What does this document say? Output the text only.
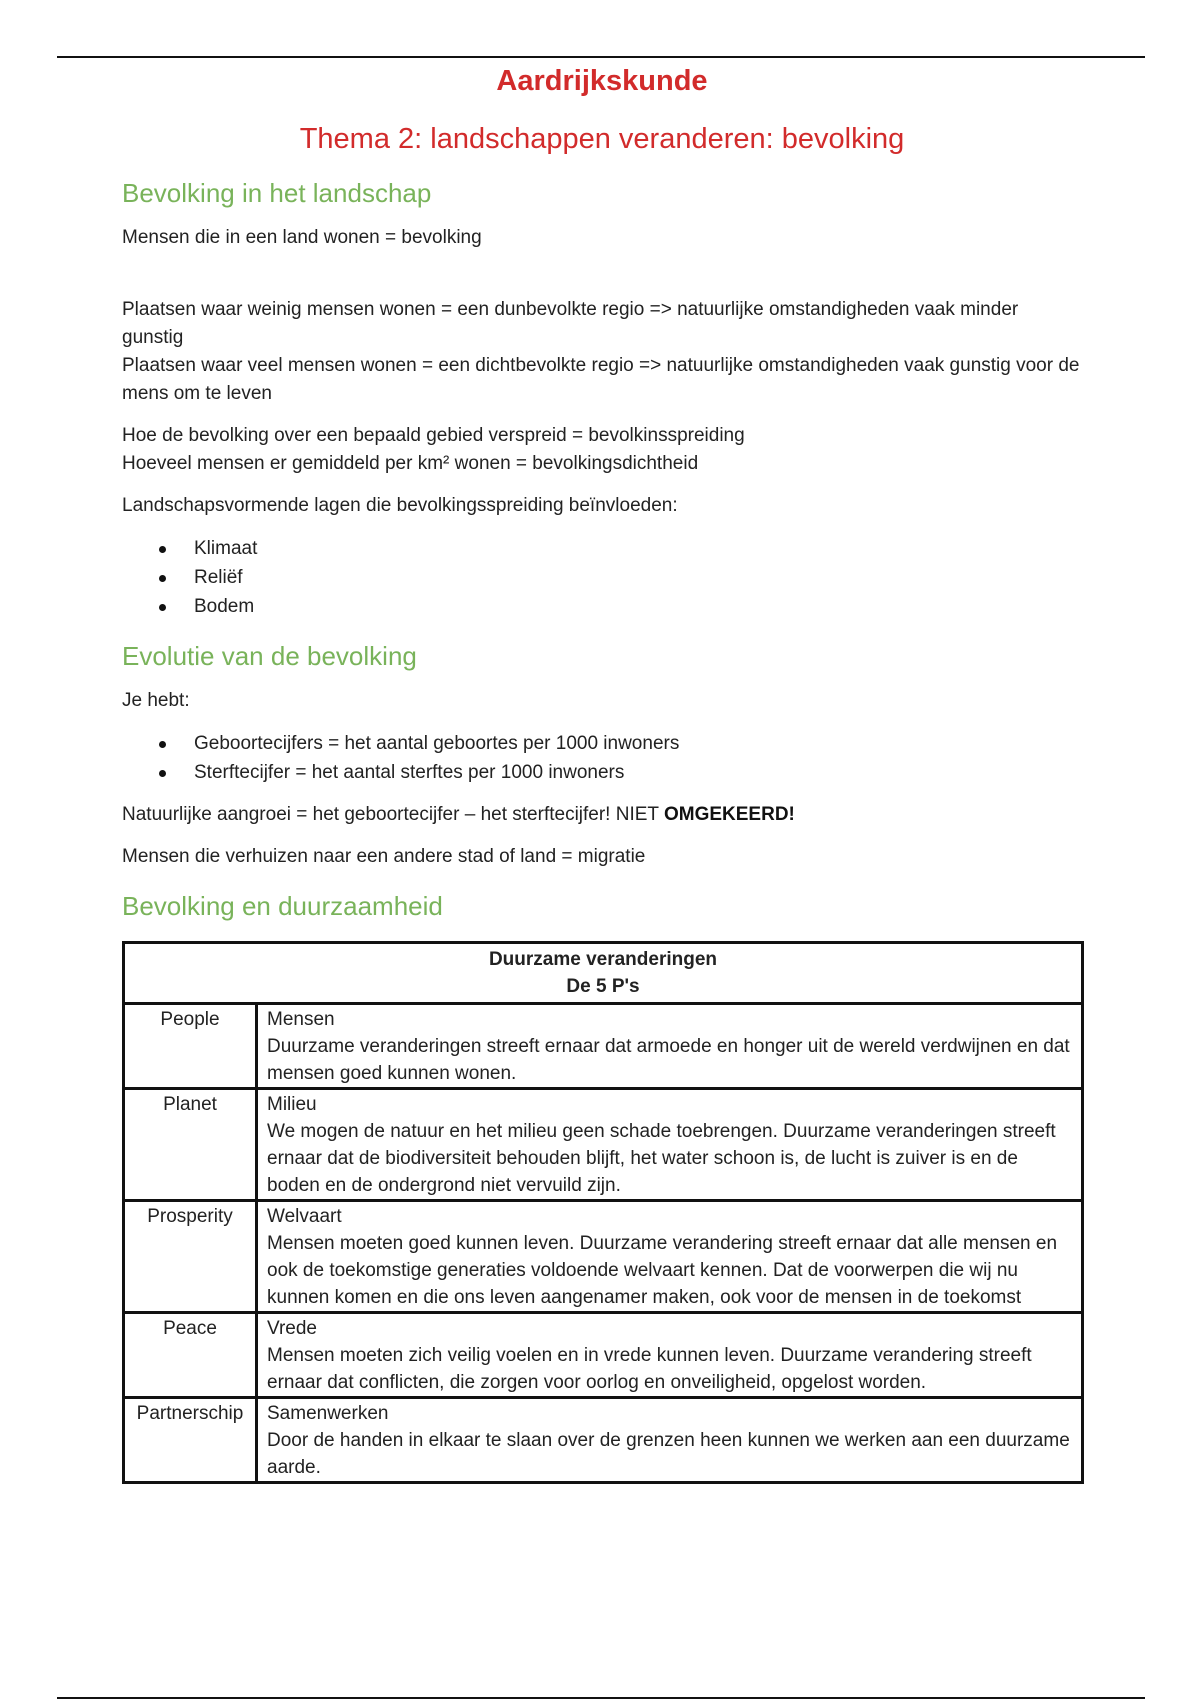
Aardrijkskunde
Thema 2: landschappen veranderen: bevolking
Bevolking in het landschap

Mensen die in een land wonen = bevolking

Plaatsen waar weinig mensen wonen = een dunbevolkte regio => natuurlijke omstandigheden vaak minder gunstig

Plaatsen waar veel mensen wonen = een dichtbevolkte regio => natuurlijke omstandigheden vaak gunstig voor de mens om te leven

Hoe de bevolking over een bepaald gebied verspreid = bevolkinsspreiding

Hoeveel mensen er gemiddeld per km² wonen = bevolkingsdichtheid

Landschapsvormende lagen die bevolkingsspreiding beïnvloeden:

Klimaat
Reliëf
Bodem
Evolutie van de bevolking

Je hebt:

Geboortecijfers = het aantal geboortes per 1000 inwoners
Sterftecijfer = het aantal sterftes per 1000 inwoners

Natuurlijke aangroei = het geboortecijfer – het sterftecijfer! NIET OMGEKEERD!

Mensen die verhuizen naar een andere stad of land = migratie

Bevolking en duurzaamheid
Duurzame veranderingen
De 5 P's	

People	Mensen
Duurzame veranderingen streeft ernaar dat armoede en honger uit de wereld verdwijnen en dat mensen goed kunnen wonen.

Planet	Milieu
We mogen de natuur en het milieu geen schade toebrengen. Duurzame veranderingen streeft ernaar dat de biodiversiteit behouden blijft, het water schoon is, de lucht is zuiver is en de boden en de ondergrond niet vervuild zijn.

Prosperity	Welvaart
Mensen moeten goed kunnen leven. Duurzame verandering streeft ernaar dat alle mensen en ook de toekomstige generaties voldoende welvaart kennen. Dat de voorwerpen die wij nu kunnen komen en die ons leven aangenamer maken, ook voor de mensen in de toekomst

Peace	Vrede
Mensen moeten zich veilig voelen en in vrede kunnen leven. Duurzame verandering streeft ernaar dat conflicten, die zorgen voor oorlog en onveiligheid, opgelost worden.

Partnerschip	Samenwerken
Door de handen in elkaar te slaan over de grenzen heen kunnen we werken aan een duurzame aarde.
